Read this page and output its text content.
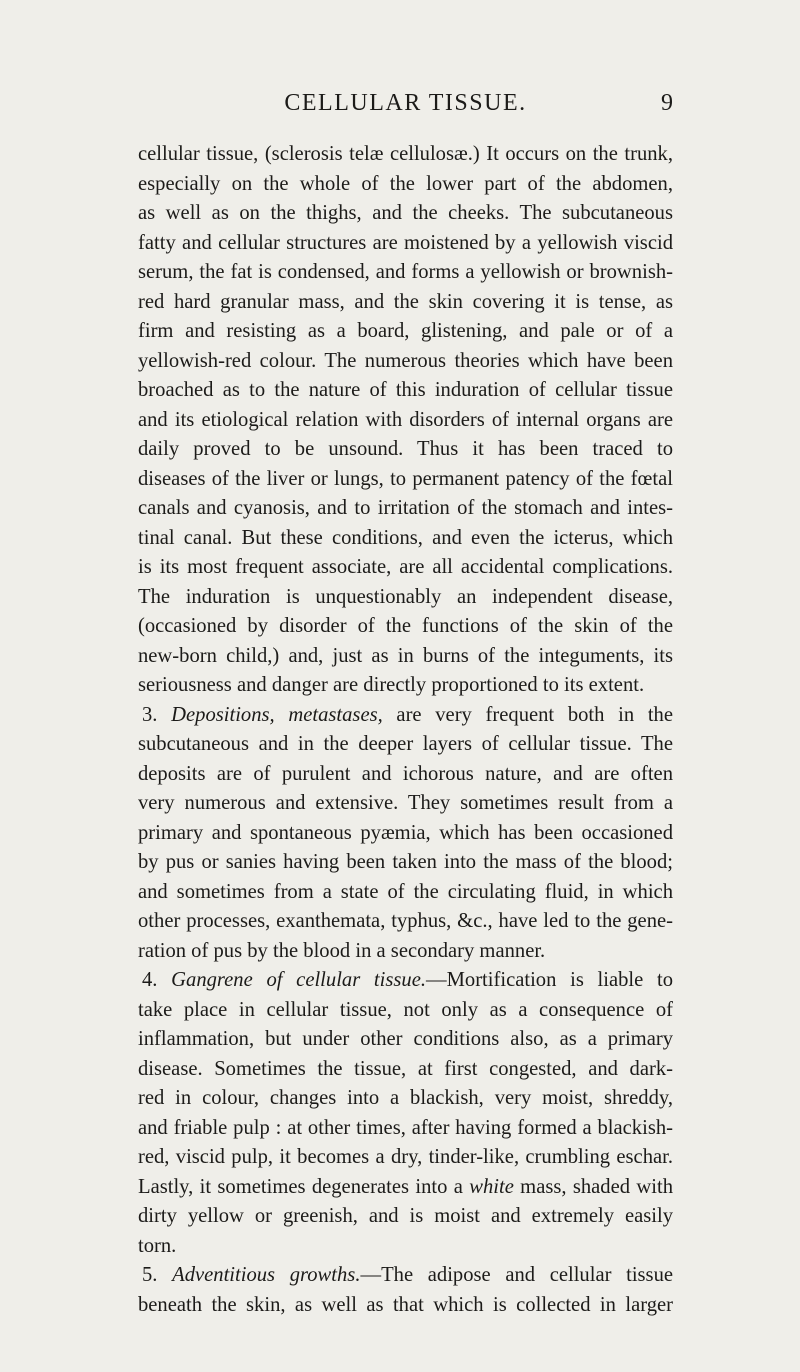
CELLULAR TISSUE.	9
cellular tissue, (sclerosis telæ cellulosæ.) It occurs on the trunk,
especially on the whole of the lower part of the abdomen,
as well as on the thighs, and the cheeks. The subcutaneous
fatty and cellular structures are moistened by a yellowish viscid
serum, the fat is condensed, and forms a yellowish or brownish-
red hard granular mass, and the skin covering it is tense, as
firm and resisting as a board, glistening, and pale or of a
yellowish-red colour. The numerous theories which have been
broached as to the nature of this induration of cellular tissue
and its etiological relation with disorders of internal organs are
daily proved to be unsound. Thus it has been traced to
diseases of the liver or lungs, to permanent patency of the fœtal
canals and cyanosis, and to irritation of the stomach and intes-
tinal canal. But these conditions, and even the icterus, which
is its most frequent associate, are all accidental complications.
The induration is unquestionably an independent disease,
(occasioned by disorder of the functions of the skin of the
new-born child,) and, just as in burns of the integuments, its
seriousness and danger are directly proportioned to its extent.
3. Depositions, metastases, are very frequent both in the
subcutaneous and in the deeper layers of cellular tissue. The
deposits are of purulent and ichorous nature, and are often
very numerous and extensive. They sometimes result from a
primary and spontaneous pyæmia, which has been occasioned
by pus or sanies having been taken into the mass of the blood;
and sometimes from a state of the circulating fluid, in which
other processes, exanthemata, typhus, &c., have led to the gene-
ration of pus by the blood in a secondary manner.
4. Gangrene of cellular tissue.—Mortification is liable to
take place in cellular tissue, not only as a consequence of
inflammation, but under other conditions also, as a primary
disease. Sometimes the tissue, at first congested, and dark-
red in colour, changes into a blackish, very moist, shreddy,
and friable pulp : at other times, after having formed a blackish-
red, viscid pulp, it becomes a dry, tinder-like, crumbling eschar.
Lastly, it sometimes degenerates into a white mass, shaded with
dirty yellow or greenish, and is moist and extremely easily
torn.
5. Adventitious growths.—The adipose and cellular tissue
beneath the skin, as well as that which is collected in larger
